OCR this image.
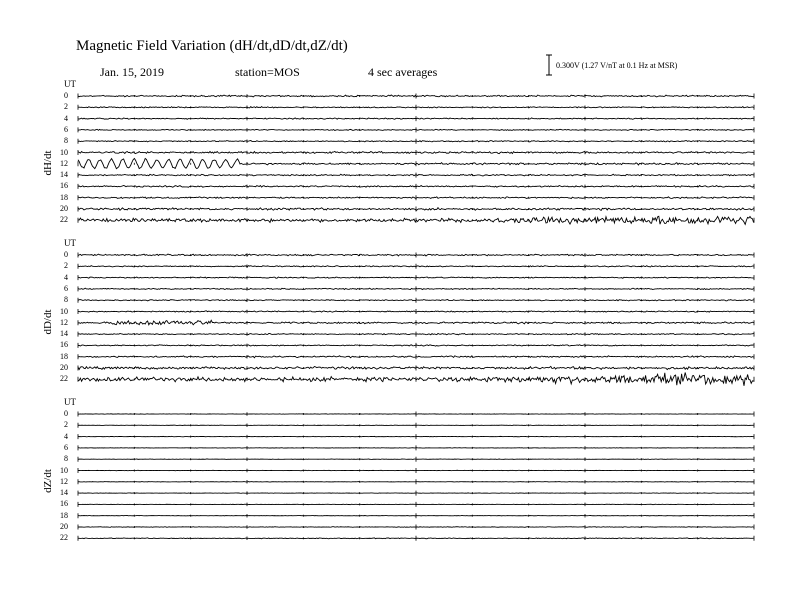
Magnetic Field Variation (dH/dt,dD/dt,dZ/dt)
Jan. 15, 2019	station=MOS	4 sec averages	0.300V (1.27 V/nT at 0.1 Hz at MSR)
UT
dH/dt
0
2
4
6
8
10
12
14
16
18
20
22
UT
dD/dt
0
2
4
6
8
10
12
14
16
18
20
22
UT
dZ/dt
0
2
4
6
8
10
12
14
16
18
20
22
